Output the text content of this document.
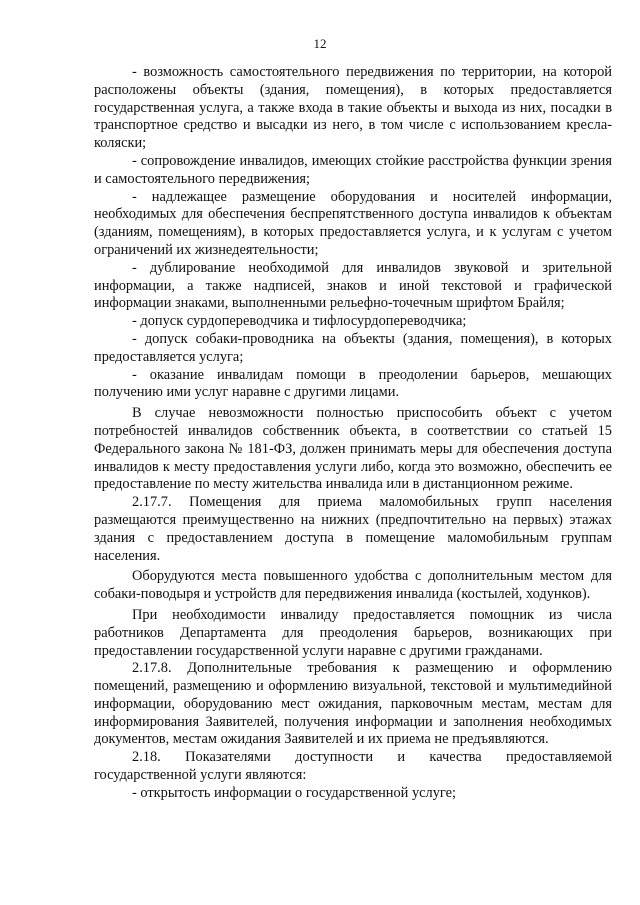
12

- возможность самостоятельного передвижения по территории, на которой расположены объекты (здания, помещения), в которых предоставляется государственная услуга, а также входа в такие объекты и выхода из них, посадки в транспортное средство и высадки из него, в том числе с использованием кресла-коляски;

- сопровождение инвалидов, имеющих стойкие расстройства функции зрения и самостоятельного передвижения;

- надлежащее размещение оборудования и носителей информации, необходимых для обеспечения беспрепятственного доступа инвалидов к объектам (зданиям, помещениям), в которых предоставляется услуга, и к услугам с учетом ограничений их жизнедеятельности;

- дублирование необходимой для инвалидов звуковой и зрительной информации, а также надписей, знаков и иной текстовой и графической информации знаками, выполненными рельефно-точечным шрифтом Брайля;

- допуск сурдопереводчика и тифлосурдопереводчика;

- допуск собаки-проводника на объекты (здания, помещения), в которых предоставляется услуга;

- оказание инвалидам помощи в преодолении барьеров, мешающих получению ими услуг наравне с другими лицами.

В случае невозможности полностью приспособить объект с учетом потребностей инвалидов собственник объекта, в соответствии со статьей 15 Федерального закона № 181-ФЗ, должен принимать меры для обеспечения доступа инвалидов к месту предоставления услуги либо, когда это возможно, обеспечить ее предоставление по месту жительства инвалида или в дистанционном режиме.

2.17.7. Помещения для приема маломобильных групп населения размещаются преимущественно на нижних (предпочтительно на первых) этажах здания с предоставлением доступа в помещение маломобильным группам населения.

Оборудуются места повышенного удобства с дополнительным местом для собаки-поводыря и устройств для передвижения инвалида (костылей, ходунков).

При необходимости инвалиду предоставляется помощник из числа работников Департамента для преодоления барьеров, возникающих при предоставлении государственной услуги наравне с другими гражданами.

2.17.8. Дополнительные требования к размещению и оформлению помещений, размещению и оформлению визуальной, текстовой и мультимедийной информации, оборудованию мест ожидания, парковочным местам, местам для информирования Заявителей, получения информации и заполнения необходимых документов, местам ожидания Заявителей и их приема не предъявляются.

2.18. Показателями доступности и качества предоставляемой государственной услуги являются:

- открытость информации о государственной услуге;
